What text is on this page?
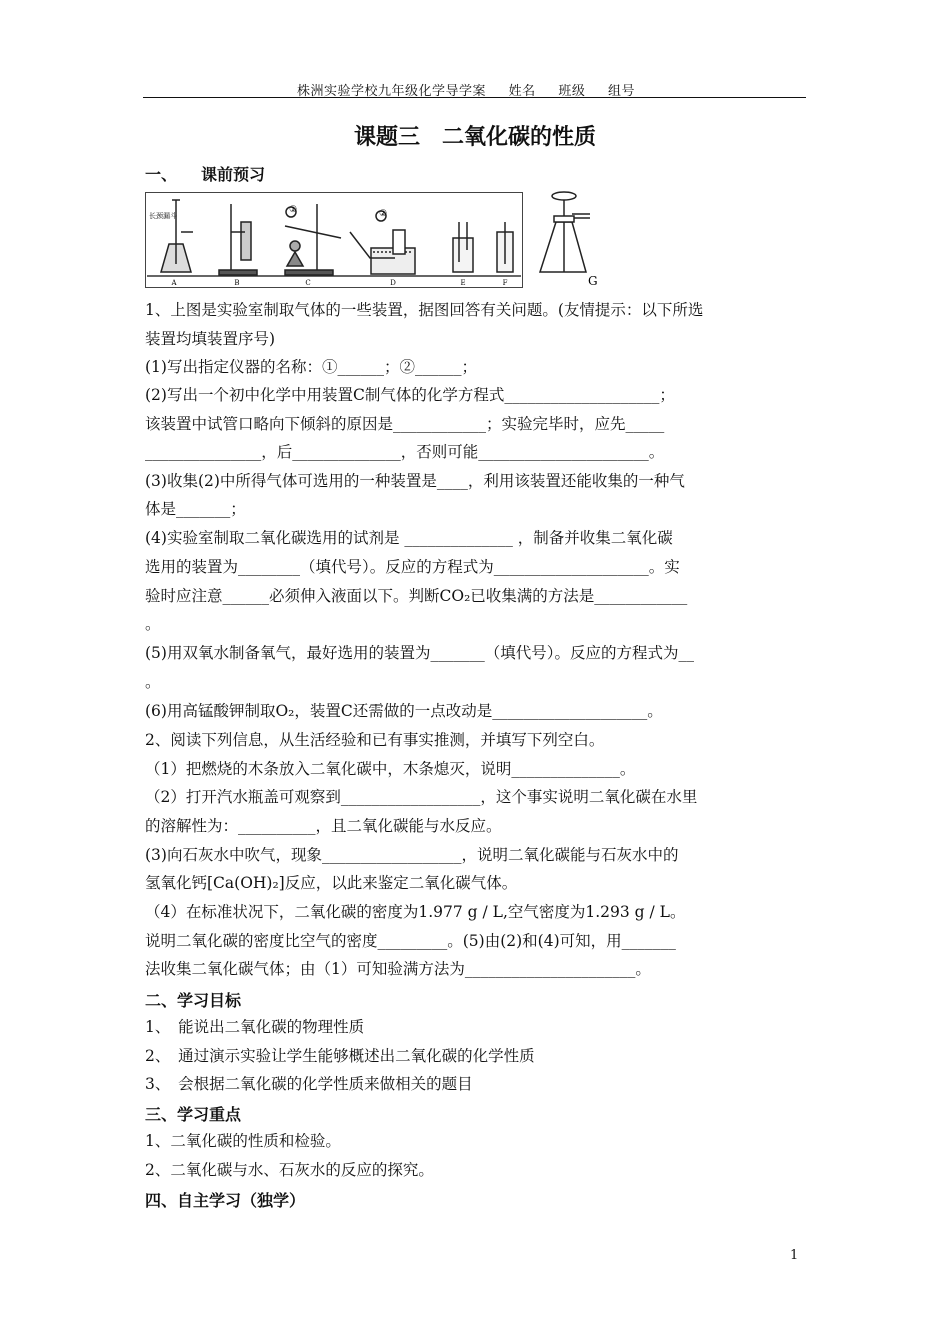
株洲实验学校九年级化学导学案 姓名 班级 组号
课题三　二氧化碳的性质
一、　　课前预习
长颈漏斗
A	B	C	D	E	F
①	②
G
1、上图是实验室制取气体的一些装置，据图回答有关问题。(友情提示：以下所选
装置均填装置序号)
(1)写出指定仪器的名称：①______；②______；
(2)写出一个初中化学中用装置C制气体的化学方程式____________________；
该装置中试管口略向下倾斜的原因是____________；实验完毕时，应先_____
_______________，后______________，否则可能______________________。
(3)收集(2)中所得气体可选用的一种装置是____，利用该装置还能收集的一种气
体是_______；
(4)实验室制取二氧化碳选用的试剂是 ______________ ，制备并收集二氧化碳
选用的装置为________（填代号）。反应的方程式为____________________。实
验时应注意______必须伸入液面以下。判断CO₂已收集满的方法是____________
。
(5)用双氧水制备氧气，最好选用的装置为_______（填代号）。反应的方程式为__
。
(6)用高锰酸钾制取O₂，装置C还需做的一点改动是____________________。
2、阅读下列信息，从生活经验和已有事实推测，并填写下列空白。
（1）把燃烧的木条放入二氧化碳中，木条熄灭，说明______________。
（2）打开汽水瓶盖可观察到__________________，这个事实说明二氧化碳在水里
的溶解性为：__________，且二氧化碳能与水反应。
(3)向石灰水中吹气，现象__________________，说明二氧化碳能与石灰水中的
氢氧化钙[Ca(OH)₂]反应，以此来鉴定二氧化碳气体。
（4）在标准状况下，二氧化碳的密度为1.977 g / L,空气密度为1.293 g / L。
说明二氧化碳的密度比空气的密度_________。(5)由(2)和(4)可知，用_______
法收集二氧化碳气体；由（1）可知验满方法为______________________。
二、学习目标
1、　能说出二氧化碳的物理性质
2、　通过演示实验让学生能够概述出二氧化碳的化学性质
3、　会根据二氧化碳的化学性质来做相关的题目
三、学习重点
1、二氧化碳的性质和检验。
2、二氧化碳与水、石灰水的反应的探究。
四、自主学习（独学）
1
